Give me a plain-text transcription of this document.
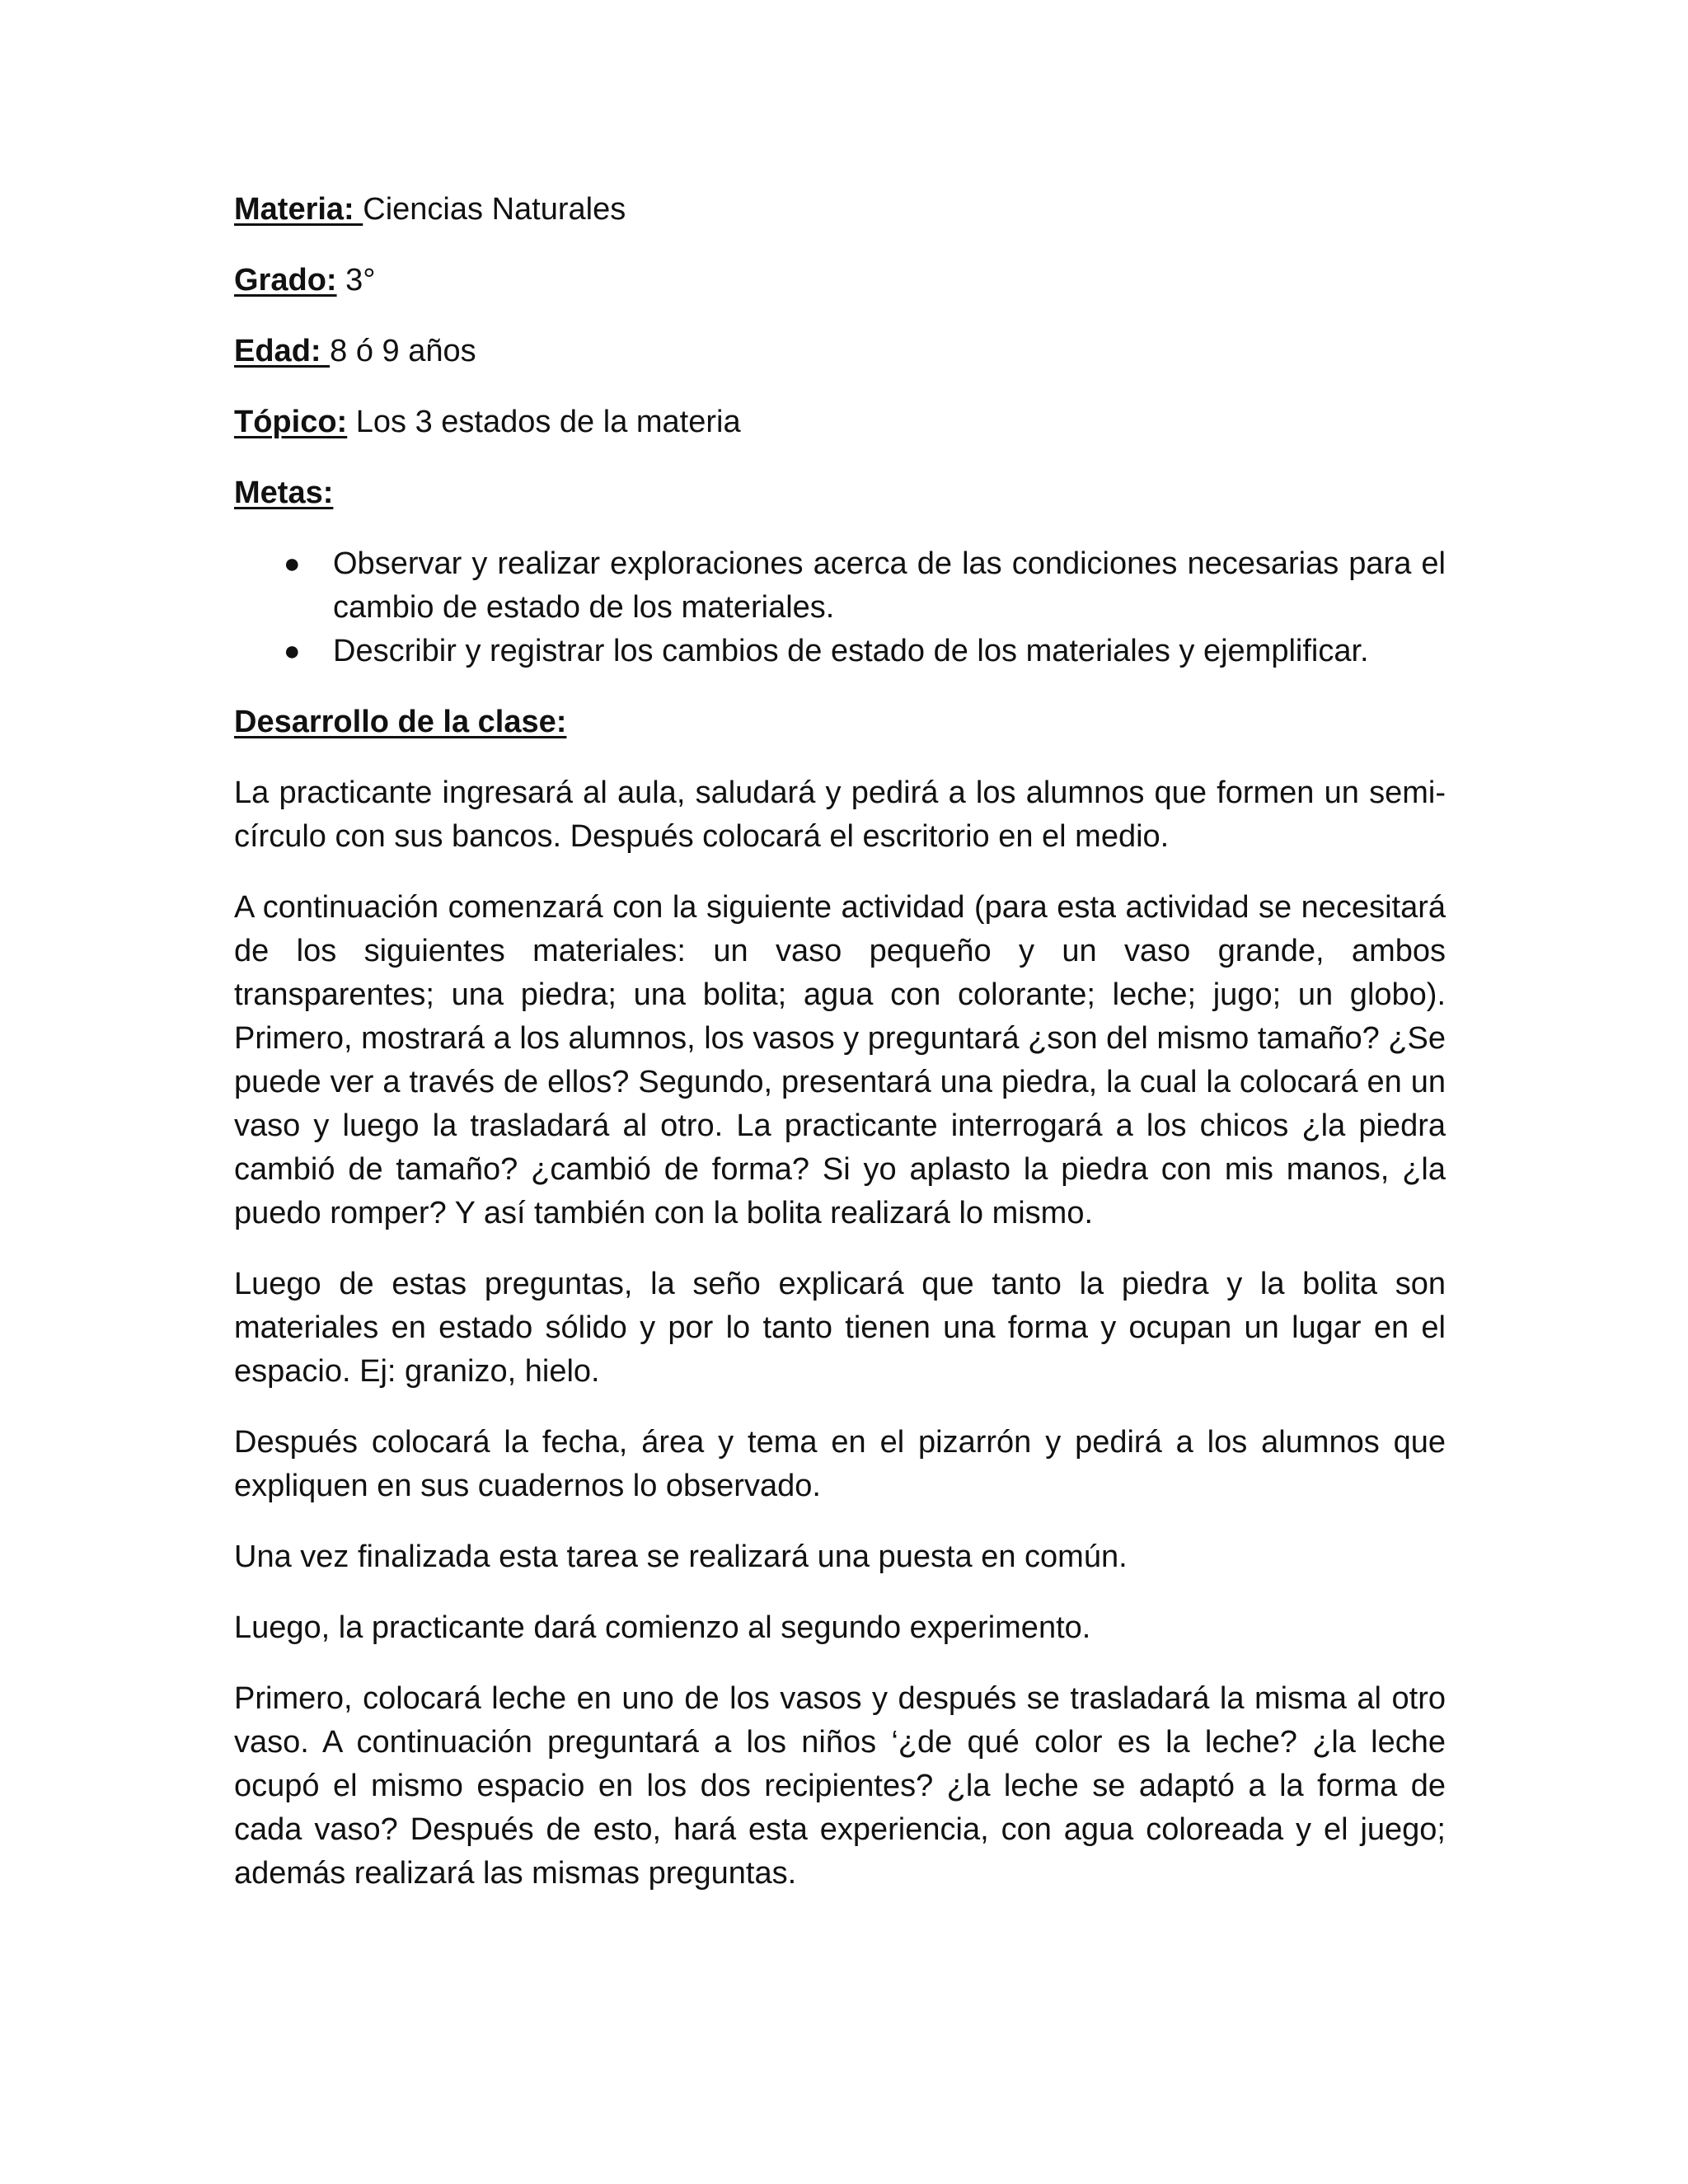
Materia: Ciencias Naturales
Grado: 3°
Edad: 8 ó 9 años
Tópico: Los 3 estados de la materia
Metas:
● Observar y realizar exploraciones acerca de las condiciones necesarias para el cambio de estado de los materiales.
● Describir y registrar los cambios de estado de los materiales y ejemplificar.
Desarrollo de la clase:

La practicante ingresará al aula, saludará y pedirá a los alumnos que formen un semi-círculo con sus bancos. Después colocará el escritorio en el medio.

A continuación comenzará con la siguiente actividad (para esta actividad se necesitará de los siguientes materiales: un vaso pequeño y un vaso grande, ambos transparentes; una piedra; una bolita; agua con colorante; leche; jugo; un globo). Primero, mostrará a los alumnos, los vasos y preguntará ¿son del mismo tamaño? ¿Se puede ver a través de ellos? Segundo, presentará una piedra, la cual la colocará en un vaso y luego la trasladará al otro. La practicante interrogará a los chicos ¿la piedra cambió de tamaño? ¿cambió de forma? Si yo aplasto la piedra con mis manos, ¿la puedo romper? Y así también con la bolita realizará lo mismo.

Luego de estas preguntas, la seño explicará que tanto la piedra y la bolita son materiales en estado sólido y por lo tanto tienen una forma y ocupan un lugar en el espacio. Ej: granizo, hielo.

Después colocará la fecha, área y tema en el pizarrón y pedirá a los alumnos que expliquen en sus cuadernos lo observado.

Una vez finalizada esta tarea se realizará una puesta en común.

Luego, la practicante dará comienzo al segundo experimento.

Primero, colocará leche en uno de los vasos y después se trasladará la misma al otro vaso. A continuación preguntará a los niños ‘¿de qué color es la leche? ¿la leche ocupó el mismo espacio en los dos recipientes? ¿la leche se adaptó a la forma de cada vaso? Después de esto, hará esta experiencia, con agua coloreada y el juego; además realizará las mismas preguntas.
